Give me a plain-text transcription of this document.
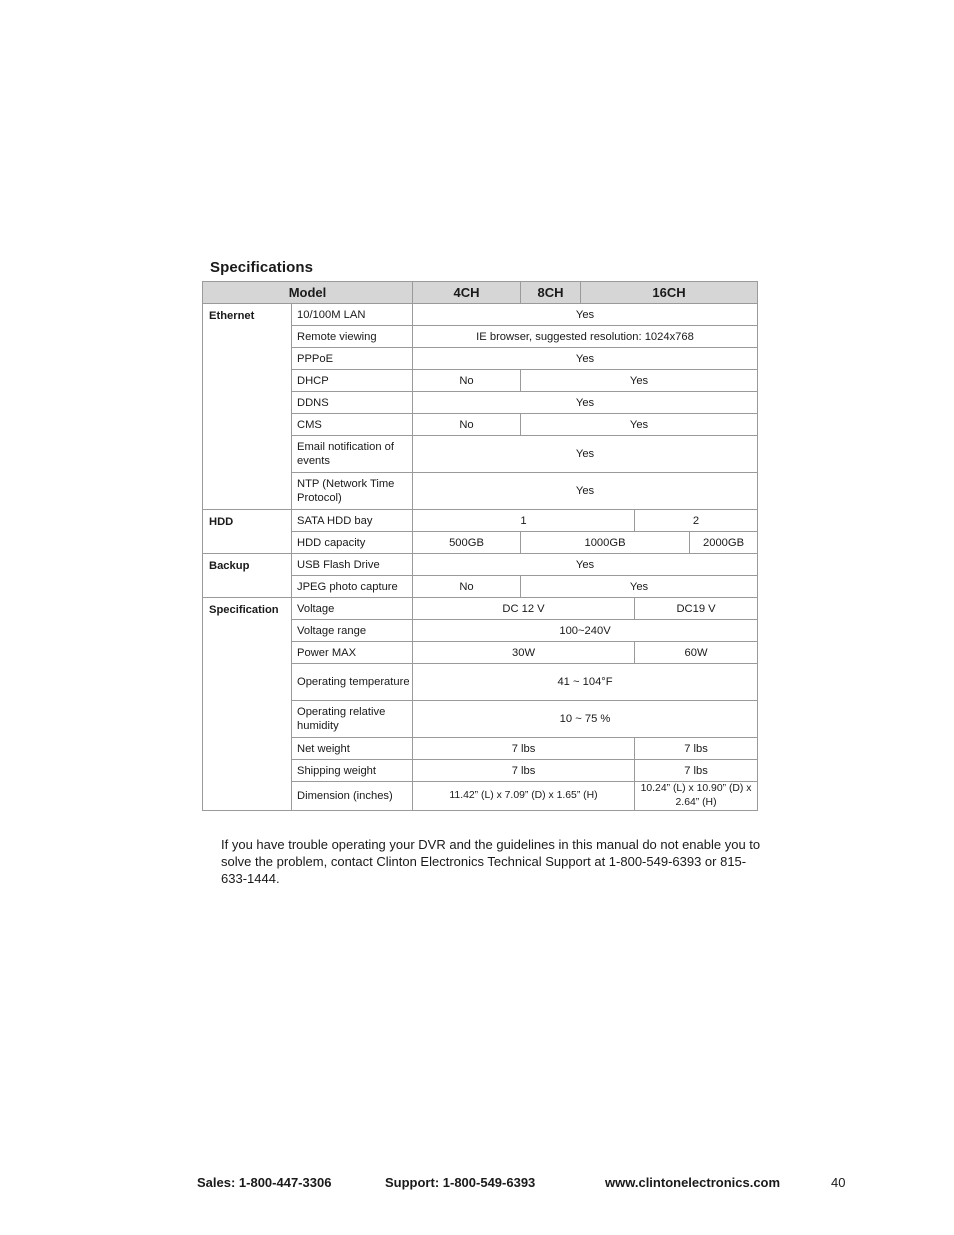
Specifications
Model		4CH	8CH	16CH		
Ethernet	10/100M LAN	Yes				
	Remote viewing	IE browser, suggested resolution: 1024x768				
	PPPoE	Yes				
	DHCP	No	Yes			
	DDNS	Yes				
	CMS	No	Yes			
	Email notification of events	Yes				
	NTP (Network Time Protocol)	Yes				
HDD	SATA HDD bay	1			2	
	HDD capacity	500GB	1000GB			2000GB
Backup	USB Flash Drive	Yes				
	JPEG photo capture	No	Yes			
Specification	Voltage	DC 12 V			DC19 V	
	Voltage range	100~240V				
	Power MAX	30W			60W	
	Operating temperature	41 ~ 104°F				
	Operating relative humidity	10 ~ 75 %				
	Net weight	7 lbs			7 lbs	
	Shipping weight	7 lbs			7 lbs	
	Dimension (inches)	11.42” (L) x 7.09” (D) x 1.65” (H)			10.24” (L) x 10.90” (D) x 2.64” (H)	
If you have trouble operating your DVR and the guidelines in this manual do not enable you to solve the problem, contact Clinton Electronics Technical Support at 1-800-549-6393 or 815-633-1444.
Sales: 1-800-447-3306	Support: 1-800-549-6393	www.clintonelectronics.com	40
